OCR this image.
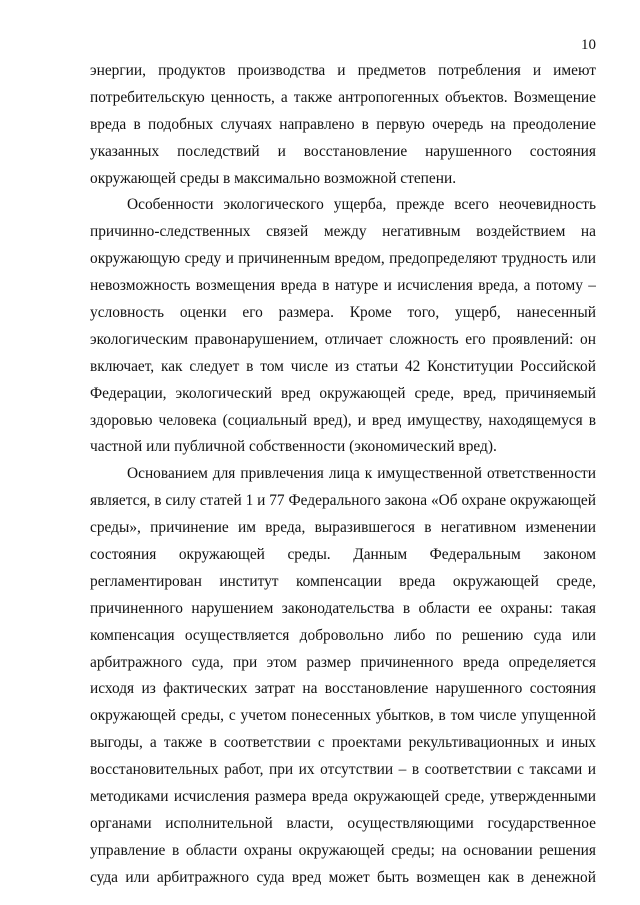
10
энергии, продуктов производства и предметов потребления и имеют
потребительскую ценность, а также антропогенных объектов. Возмещение
вреда в подобных случаях направлено в первую очередь на преодоление
указанных последствий и восстановление нарушенного состояния
окружающей среды в максимально возможной степени.
Особенности экологического ущерба, прежде всего неочевидность
причинно-следственных связей между негативным воздействием на
окружающую среду и причиненным вредом, предопределяют трудность или
невозможность возмещения вреда в натуре и исчисления вреда, а потому –
условность оценки его размера. Кроме того, ущерб, нанесенный
экологическим правонарушением, отличает сложность его проявлений: он
включает, как следует в том числе из статьи 42 Конституции Российской
Федерации, экологический вред окружающей среде, вред, причиняемый
здоровью человека (социальный вред), и вред имуществу, находящемуся в
частной или публичной собственности (экономический вред).
Основанием для привлечения лица к имущественной ответственности
является, в силу статей 1 и 77 Федерального закона «Об охране окружающей
среды», причинение им вреда, выразившегося в негативном изменении
состояния окружающей среды. Данным Федеральным законом
регламентирован институт компенсации вреда окружающей среде,
причиненного нарушением законодательства в области ее охраны: такая
компенсация осуществляется добровольно либо по решению суда или
арбитражного суда, при этом размер причиненного вреда определяется
исходя из фактических затрат на восстановление нарушенного состояния
окружающей среды, с учетом понесенных убытков, в том числе упущенной
выгоды, а также в соответствии с проектами рекультивационных и иных
восстановительных работ, при их отсутствии – в соответствии с таксами и
методиками исчисления размера вреда окружающей среде, утвержденными
органами исполнительной власти, осуществляющими государственное
управление в области охраны окружающей среды; на основании решения
суда или арбитражного суда вред может быть возмещен как в денежной
